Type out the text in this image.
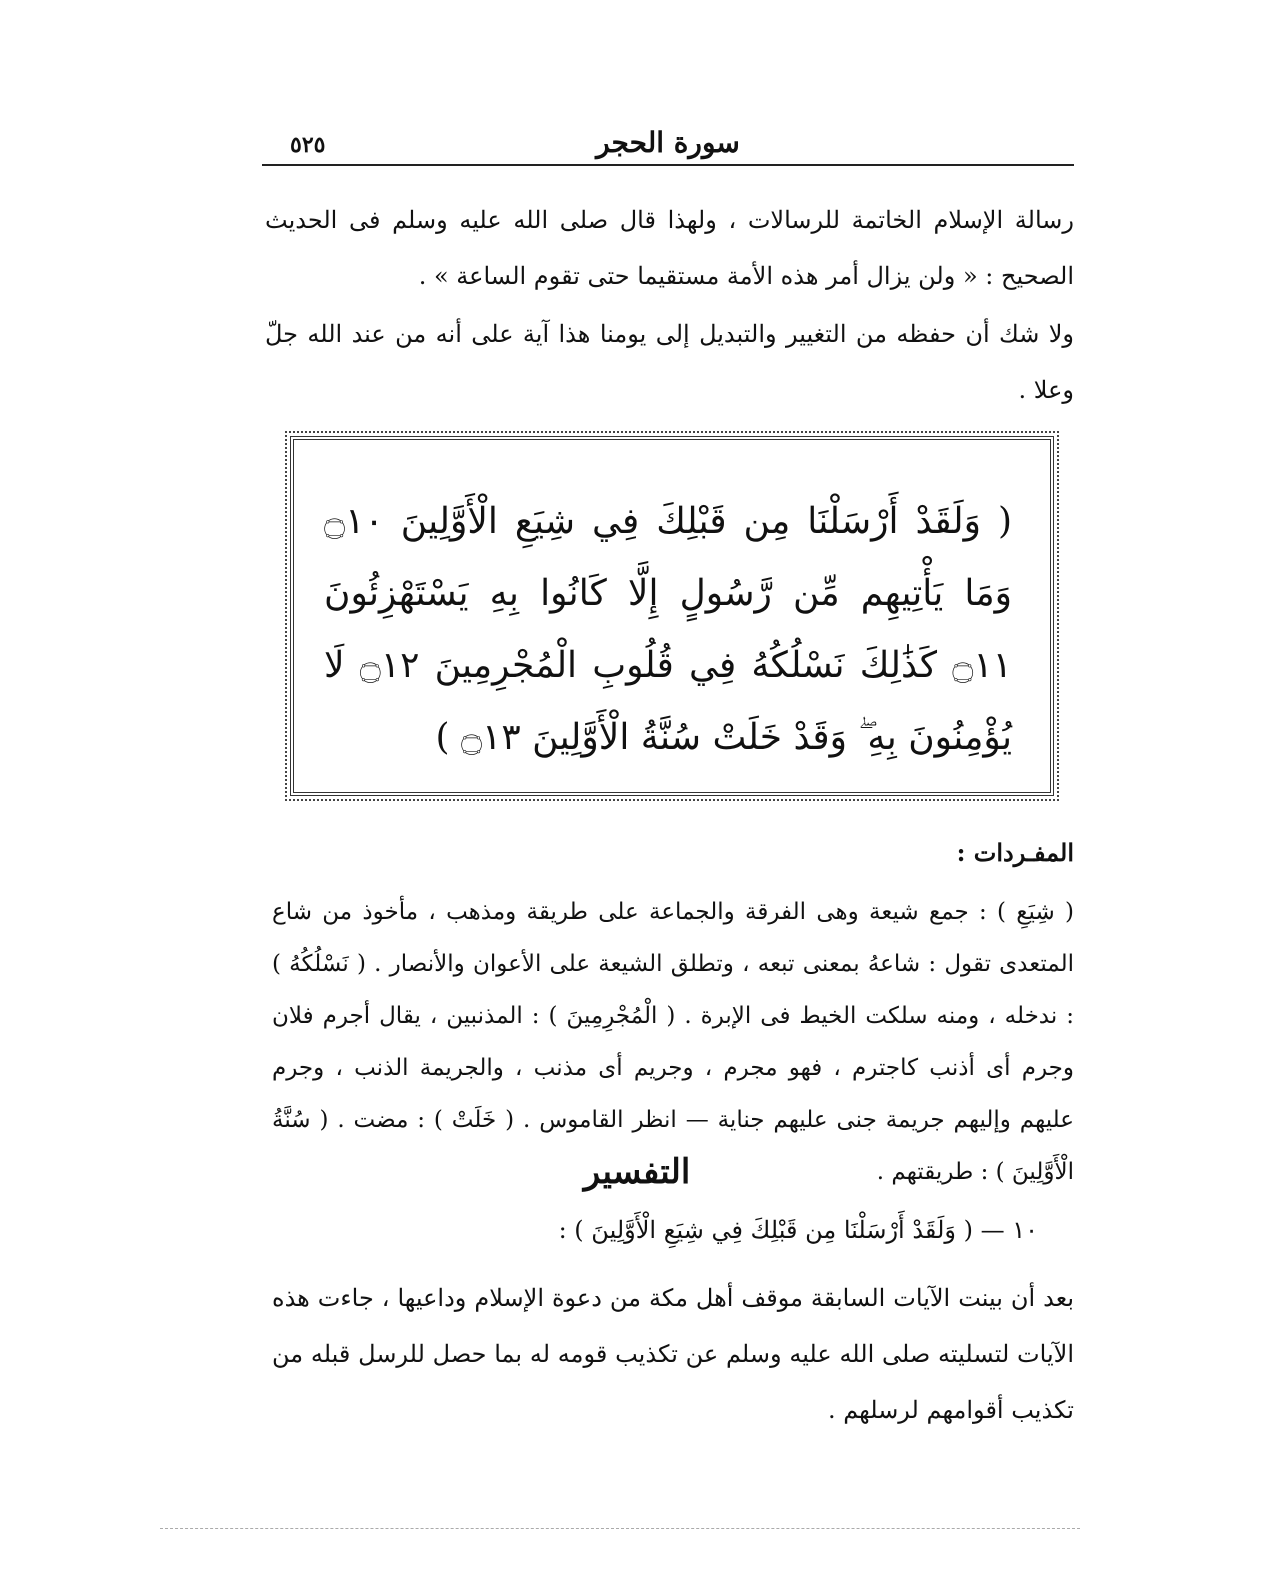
٥٢٥	سورة الحجر
رسالة الإسلام الخاتمة للرسالات ، ولهذا قال صلى الله عليه وسلم فى الحديث الصحيح : « ولن يزال أمر هذه الأمة مستقيما حتى تقوم الساعة » .
ولا شك أن حفظه من التغيير والتبديل إلى يومنا هذا آية على أنه من عند الله جلّ وعلا .
( وَلَقَدْ أَرْسَلْنَا مِن قَبْلِكَ فِي شِيَعِ الْأَوَّلِينَ ۝١٠ وَمَا يَأْتِيهِم مِّن رَّسُولٍ إِلَّا كَانُوا بِهِ يَسْتَهْزِئُونَ ۝١١ كَذَٰلِكَ نَسْلُكُهُ فِي قُلُوبِ الْمُجْرِمِينَ ۝١٢ لَا يُؤْمِنُونَ بِهِ ۖ وَقَدْ خَلَتْ سُنَّةُ الْأَوَّلِينَ ۝١٣ )
المفـردات :
( شِيَعِ ) : جمع شيعة وهى الفرقة والجماعة على طريقة ومذهب ، مأخوذ من شاع المتعدى تقول : شاعهُ بمعنى تبعه ، وتطلق الشيعة على الأعوان والأنصار . ( نَسْلُكُهُ ) : ندخله ، ومنه سلكت الخيط فى الإبرة . ( الْمُجْرِمِينَ ) : المذنبين ، يقال أجرم فلان وجرم أى أذنب كاجترم ، فهو مجرم ، وجريم أى مذنب ، والجريمة الذنب ، وجرم عليهم وإليهم جريمة جنى عليهم جناية — انظر القاموس . ( خَلَتْ ) : مضت . ( سُنَّةُ الْأَوَّلِينَ ) : طريقتهم .
التفسير
١٠ — ( وَلَقَدْ أَرْسَلْنَا مِن قَبْلِكَ فِي شِيَعِ الْأَوَّلِينَ ) :
بعد أن بينت الآيات السابقة موقف أهل مكة من دعوة الإسلام وداعيها ، جاءت هذه الآيات لتسليته صلى الله عليه وسلم عن تكذيب قومه له بما حصل للرسل قبله من تكذيب أقوامهم لرسلهم .
